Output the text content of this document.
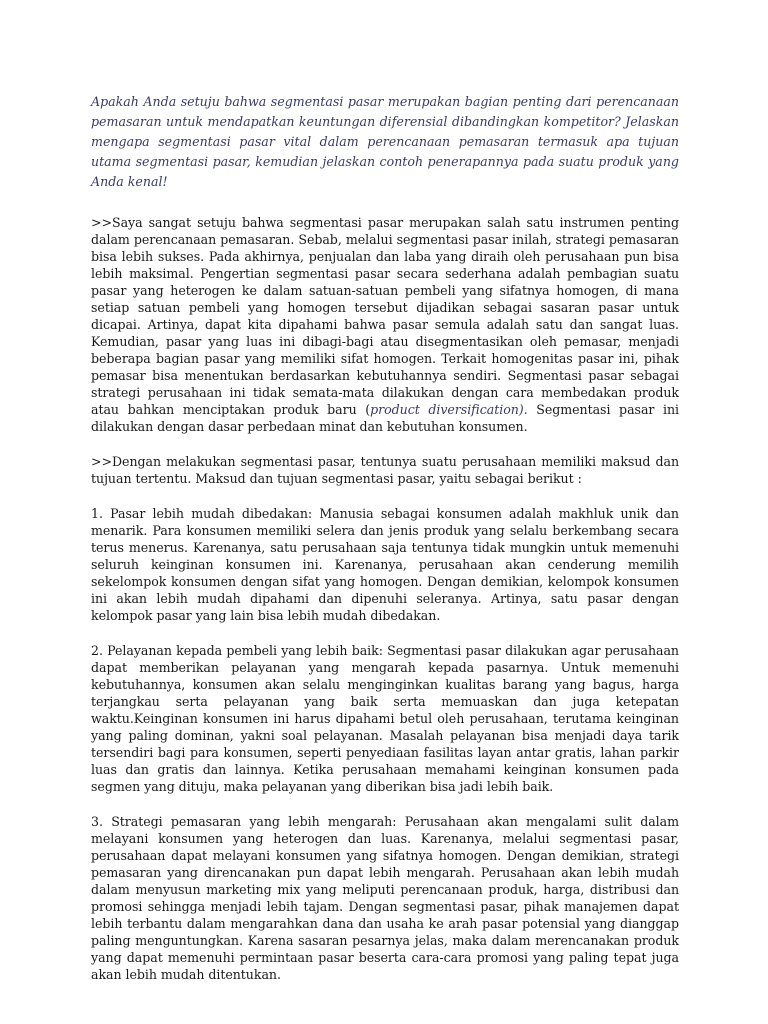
Apakah Anda setuju bahwa segmentasi pasar merupakan bagian penting dari perencanaan pemasaran untuk mendapatkan keuntungan diferensial dibandingkan kompetitor? Jelaskan mengapa segmentasi pasar vital dalam perencanaan pemasaran termasuk apa tujuan utama segmentasi pasar, kemudian jelaskan contoh penerapannya pada suatu produk yang Anda kenal!

>>Saya sangat setuju bahwa segmentasi pasar merupakan salah satu instrumen penting dalam perencanaan pemasaran. Sebab, melalui segmentasi pasar inilah, strategi pemasaran bisa lebih sukses. Pada akhirnya, penjualan dan laba yang diraih oleh perusahaan pun bisa lebih maksimal. Pengertian segmentasi pasar secara sederhana adalah pembagian suatu pasar yang heterogen ke dalam satuan-satuan pembeli yang sifatnya homogen, di mana setiap satuan pembeli yang homogen tersebut dijadikan sebagai sasaran pasar untuk dicapai. Artinya, dapat kita dipahami bahwa pasar semula adalah satu dan sangat luas. Kemudian, pasar yang luas ini dibagi-bagi atau disegmentasikan oleh pemasar, menjadi beberapa bagian pasar yang memiliki sifat homogen. Terkait homogenitas pasar ini, pihak pemasar bisa menentukan berdasarkan kebutuhannya sendiri. Segmentasi pasar sebagai strategi perusahaan ini tidak semata-mata dilakukan dengan cara membedakan produk atau bahkan menciptakan produk baru (product diversification). Segmentasi pasar ini dilakukan dengan dasar perbedaan minat dan kebutuhan konsumen.

>>Dengan melakukan segmentasi pasar, tentunya suatu perusahaan memiliki maksud dan tujuan tertentu. Maksud dan tujuan segmentasi pasar, yaitu sebagai berikut :

1. Pasar lebih mudah dibedakan: Manusia sebagai konsumen adalah makhluk unik dan menarik. Para konsumen memiliki selera dan jenis produk yang selalu berkembang secara terus menerus. Karenanya, satu perusahaan saja tentunya tidak mungkin untuk memenuhi seluruh keinginan konsumen ini. Karenanya, perusahaan akan cenderung memilih sekelompok konsumen dengan sifat yang homogen. Dengan demikian, kelompok konsumen ini akan lebih mudah dipahami dan dipenuhi seleranya. Artinya, satu pasar dengan kelompok pasar yang lain bisa lebih mudah dibedakan.

2. Pelayanan kepada pembeli yang lebih baik: Segmentasi pasar dilakukan agar perusahaan dapat memberikan pelayanan yang mengarah kepada pasarnya. Untuk memenuhi kebutuhannya, konsumen akan selalu menginginkan kualitas barang yang bagus, harga terjangkau serta pelayanan yang baik serta memuaskan dan juga ketepatan waktu.Keinginan konsumen ini harus dipahami betul oleh perusahaan, terutama keinginan yang paling dominan, yakni soal pelayanan. Masalah pelayanan bisa menjadi daya tarik tersendiri bagi para konsumen, seperti penyediaan fasilitas layan antar gratis, lahan parkir luas dan gratis dan lainnya. Ketika perusahaan memahami keinginan konsumen pada segmen yang dituju, maka pelayanan yang diberikan bisa jadi lebih baik.

3. Strategi pemasaran yang lebih mengarah: Perusahaan akan mengalami sulit dalam melayani konsumen yang heterogen dan luas. Karenanya, melalui segmentasi pasar, perusahaan dapat melayani konsumen yang sifatnya homogen. Dengan demikian, strategi pemasaran yang direncanakan pun dapat lebih mengarah. Perusahaan akan lebih mudah dalam menyusun marketing mix yang meliputi perencanaan produk, harga, distribusi dan promosi sehingga menjadi lebih tajam. Dengan segmentasi pasar, pihak manajemen dapat lebih terbantu dalam mengarahkan dana dan usaha ke arah pasar potensial yang dianggap paling menguntungkan. Karena sasaran pesarnya jelas, maka dalam merencanakan produk yang dapat memenuhi permintaan pasar beserta cara-cara promosi yang paling tepat juga akan lebih mudah ditentukan.
